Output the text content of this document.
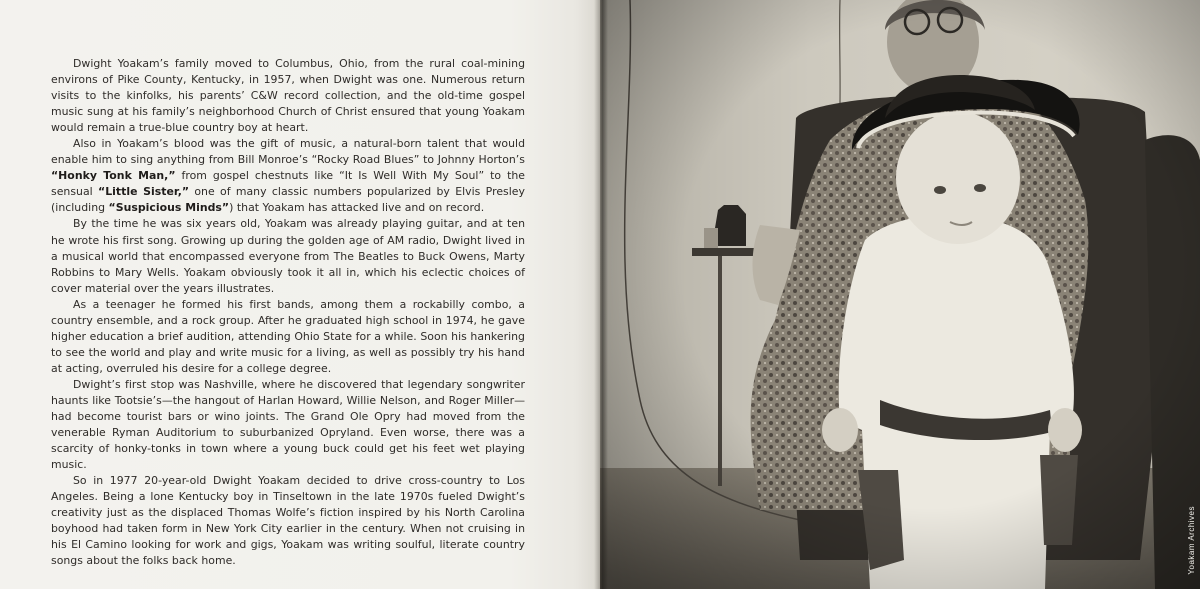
Dwight Yoakam’s family moved to Columbus, Ohio, from the rural coal-mining environs of Pike County, Kentucky, in 1957, when Dwight was one. Numerous return visits to the kinfolks, his parents’ C&W record collection, and the old-time gospel music sung at his family’s neighborhood Church of Christ ensured that young Yoakam would remain a true-blue country boy at heart.

Also in Yoakam’s blood was the gift of music, a natural-born talent that would enable him to sing anything from Bill Monroe’s “Rocky Road Blues” to Johnny Horton’s “Honky Tonk Man,” from gospel chestnuts like “It Is Well With My Soul” to the sensual “Little Sister,” one of many classic numbers popularized by Elvis Presley (including “Suspicious Minds”) that Yoakam has attacked live and on record.

By the time he was six years old, Yoakam was already playing guitar, and at ten he wrote his first song. Growing up during the golden age of AM radio, Dwight lived in a musical world that encompassed everyone from The Beatles to Buck Owens, Marty Robbins to Mary Wells. Yoakam obviously took it all in, which his eclectic choices of cover material over the years illustrates.

As a teenager he formed his first bands, among them a rockabilly combo, a country ensemble, and a rock group. After he graduated high school in 1974, he gave higher education a brief audition, attending Ohio State for a while. Soon his hankering to see the world and play and write music for a living, as well as possibly try his hand at acting, overruled his desire for a college degree.

Dwight’s first stop was Nashville, where he discovered that legendary songwriter haunts like Tootsie’s—the hangout of Harlan Howard, Willie Nelson, and Roger Miller—had become tourist bars or wino joints. The Grand Ole Opry had moved from the venerable Ryman Auditorium to suburbanized Opryland. Even worse, there was a scarcity of honky-tonks in town where a young buck could get his feet wet playing music.

So in 1977 20-year-old Dwight Yoakam decided to drive cross-country to Los Angeles. Being a lone Kentucky boy in Tinseltown in the late 1970s fueled Dwight’s creativity just as the displaced Thomas Wolfe’s fiction inspired by his North Carolina boyhood had taken form in New York City earlier in the century. When not cruising in his El Camino looking for work and gigs, Yoakam was writing soulful, literate country songs about the folks back home.	Yoakam Archives
